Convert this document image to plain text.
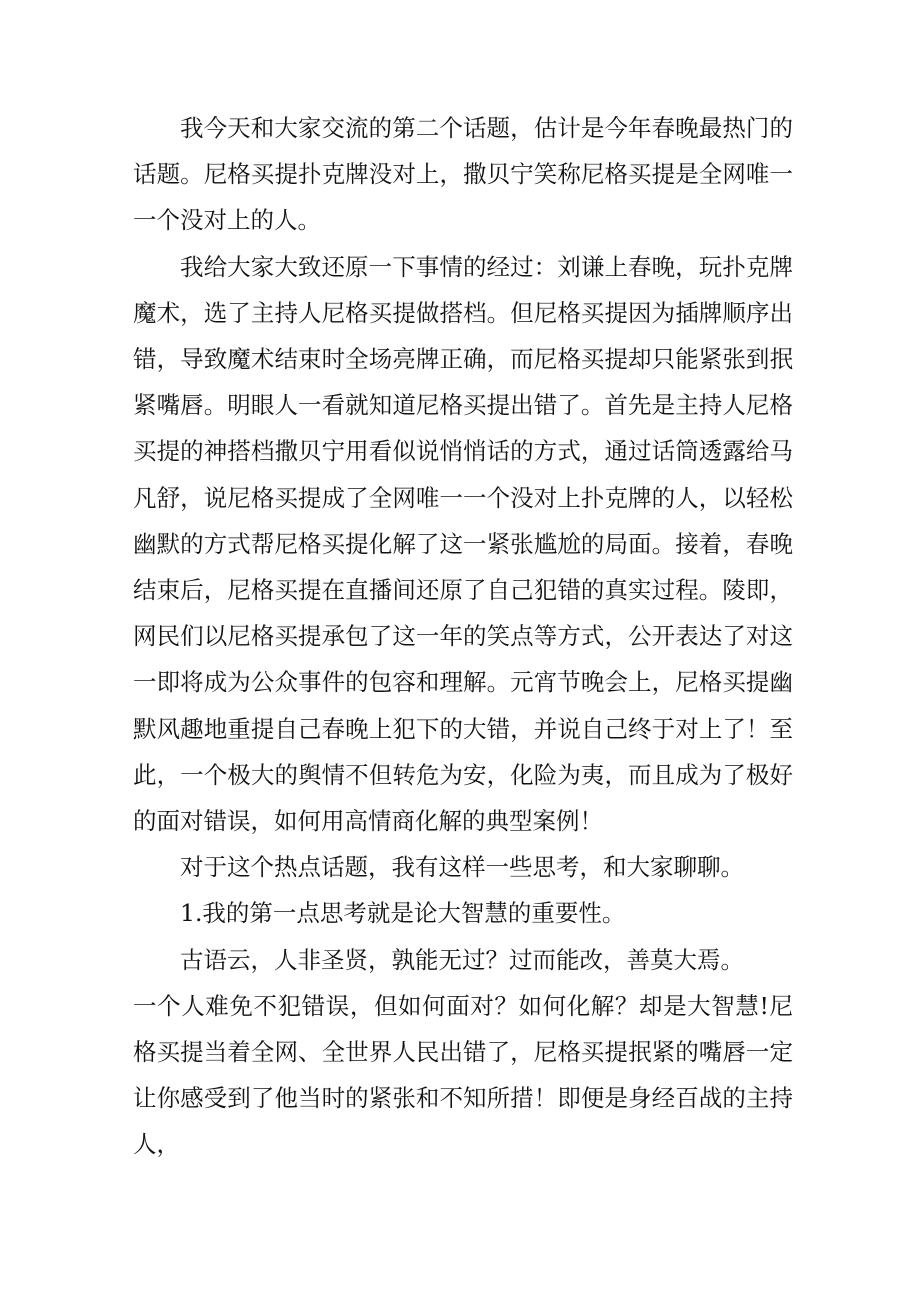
我今天和大家交流的第二个话题，估计是今年春晚最热门的话题。尼格买提扑克牌没对上，撒贝宁笑称尼格买提是全网唯一一个没对上的人。

我给大家大致还原一下事情的经过：刘谦上春晚，玩扑克牌魔术，选了主持人尼格买提做搭档。但尼格买提因为插牌顺序出错，导致魔术结束时全场亮牌正确，而尼格买提却只能紧张到抿紧嘴唇。明眼人一看就知道尼格买提出错了。首先是主持人尼格买提的神搭档撒贝宁用看似说悄悄话的方式，通过话筒透露给马凡舒，说尼格买提成了全网唯一一个没对上扑克牌的人，以轻松幽默的方式帮尼格买提化解了这一紧张尴尬的局面。接着，春晚结束后，尼格买提在直播间还原了自己犯错的真实过程。陵即，网民们以尼格买提承包了这一年的笑点等方式，公开表达了对这一即将成为公众事件的包容和理解。元宵节晚会上，尼格买提幽默风趣地重提自己春晚上犯下的大错，并说自己终于对上了！至此，一个极大的舆情不但转危为安，化险为夷，而且成为了极好的面对错误，如何用高情商化解的典型案例！

对于这个热点话题，我有这样一些思考，和大家聊聊。

1.我的第一点思考就是论大智慧的重要性。

古语云，人非圣贤，孰能无过？过而能改，善莫大焉。

一个人难免不犯错误，但如何面对？如何化解？却是大智慧!尼格买提当着全网、全世界人民出错了，尼格买提抿紧的嘴唇一定让你感受到了他当时的紧张和不知所措！即便是身经百战的主持人，
